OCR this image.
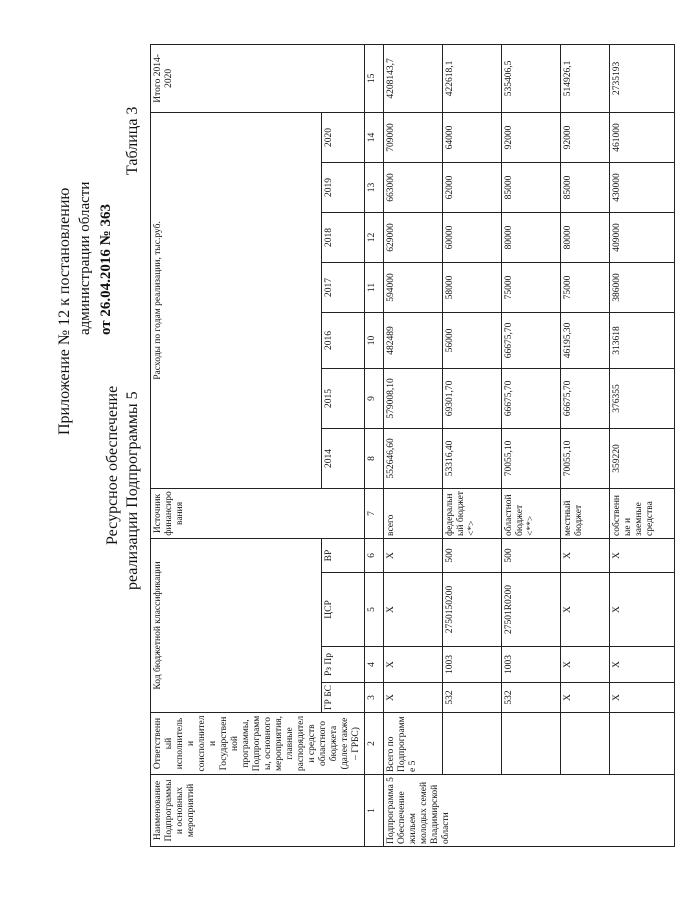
Приложение № 12 к постановлению администрации области от 26.04.2016 № 363
Таблица 3
Ресурсное обеспечение реализации Подпрограммы 5
Наименование Подпрограммы и основных мероприятий	Ответственный исполнитель и соисполнители Государственной программы, Подпрограммы, основного мероприятия, главные распорядители средств областного бюджета (далее также – ГРБС)	Код бюджетной классификации				Источник финансирования	Расходы по годам реализации, тыс.руб.							Итого 2014-2020
		ГР БС	Рз Пр	ЦСР	ВР		2014	2015	2016	2017	2018	2019	2020	
1	2	3	4	5	6	7	8	9	10	11	12	13	14	15
Подпрограмма 5 Обеспечение жильем молодых семей Владимирской области	Всего по Подпрограмме 5	Х	Х	Х	Х	всего	552646,60	579008,10	482489	594000	629000	663000	709000	4208143,7
		532	1003	2750150200	500	федеральный бюджет <*>	53316,40	69301,70	56000	58000	60000	62000	64000	422618,1
		532	1003	27501R0200	500	областной бюджет <**>	70055,10	66675,70	66675,70	75000	80000	85000	92000	535406,5
		Х	Х	Х	Х	местный бюджет	70055,10	66675,70	46195,30	75000	80000	85000	92000	514926,1
		Х	Х	Х	Х	собственные и заемные средства	359220	376355	313618	386000	409000	430000	461000	2735193
